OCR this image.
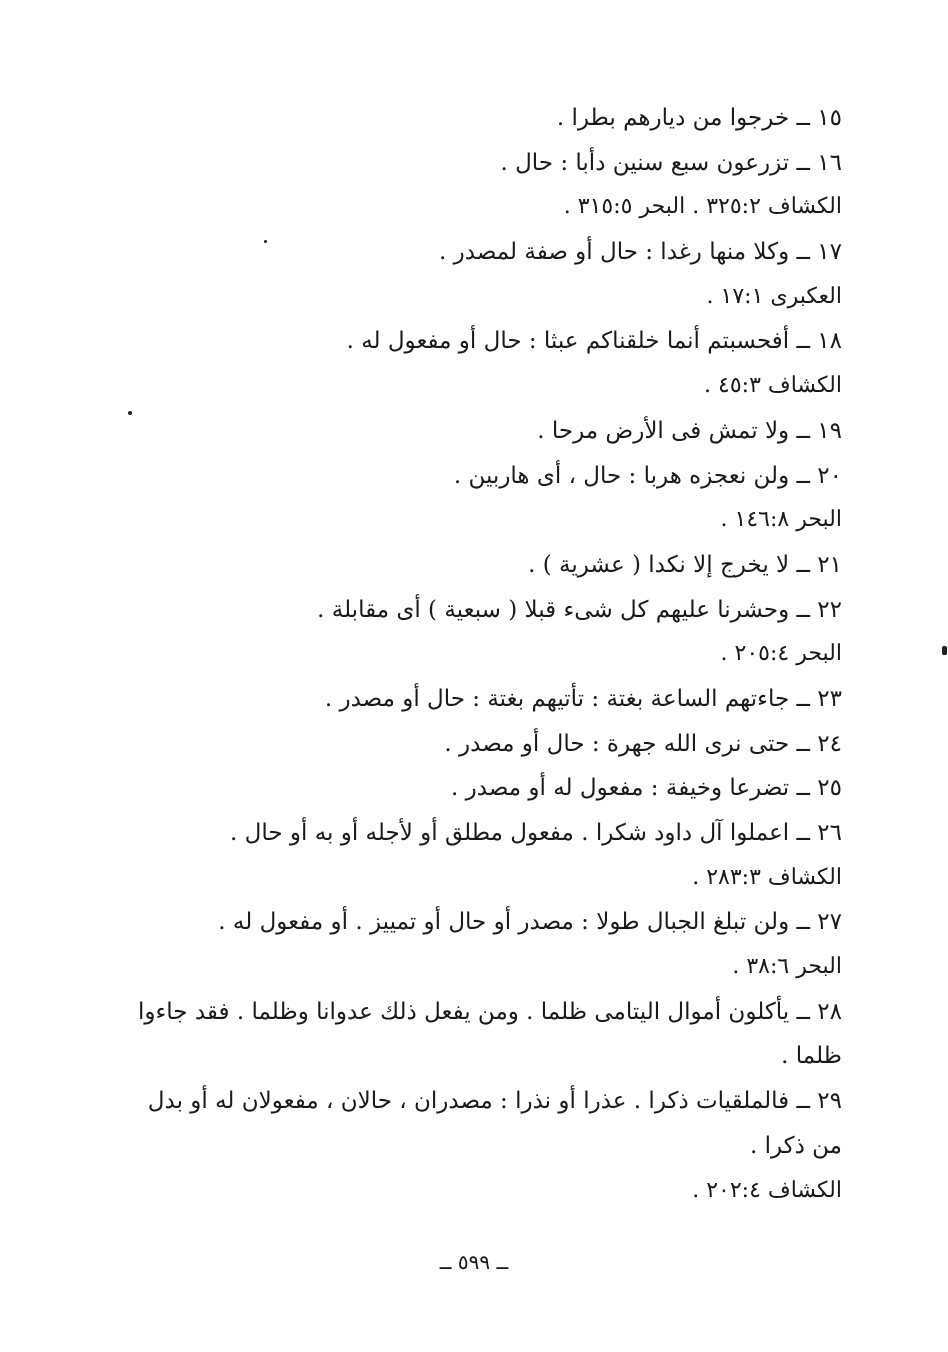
١٥ ــ خرجوا من ديارهم بطرا .
١٦ ــ تزرعون سبع سنين دأبا : حال .
الكشاف ٣٢٥:٢ . البحر ٣١٥:٥ .
١٧ ــ وكلا منها رغدا : حال أو صفة لمصدر .
العكبرى ١٧:١ .
١٨ ــ أفحسبتم أنما خلقناكم عبثا : حال أو مفعول له .
الكشاف ٤٥:٣ .
١٩ ــ ولا تمش فى الأرض مرحا .
٢٠ ــ ولن نعجزه هربا : حال ، أى هاربين .
البحر ١٤٦:٨ .
٢١ ــ لا يخرج إلا نكدا ( عشرية ) .
٢٢ ــ وحشرنا عليهم كل شىء قبلا ( سبعية ) أى مقابلة .
البحر ٢٠٥:٤ .
٢٣ ــ جاءتهم الساعة بغتة : تأتيهم بغتة : حال أو مصدر .
٢٤ ــ حتى نرى الله جهرة : حال أو مصدر .
٢٥ ــ تضرعا وخيفة : مفعول له أو مصدر .
٢٦ ــ اعملوا آل داود شكرا . مفعول مطلق أو لأجله أو به أو حال .
الكشاف ٢٨٣:٣ .
٢٧ ــ ولن تبلغ الجبال طولا : مصدر أو حال أو تمييز . أو مفعول له .
البحر ٣٨:٦ .
٢٨ ــ يأكلون أموال اليتامى ظلما . ومن يفعل ذلك عدوانا وظلما . فقد جاءوا
ظلما .
٢٩ ــ فالملقيات ذكرا . عذرا أو نذرا : مصدران ، حالان ، مفعولان له أو بدل
من ذكرا .
الكشاف ٢٠٢:٤ .
ــ ٥٩٩ ــ
